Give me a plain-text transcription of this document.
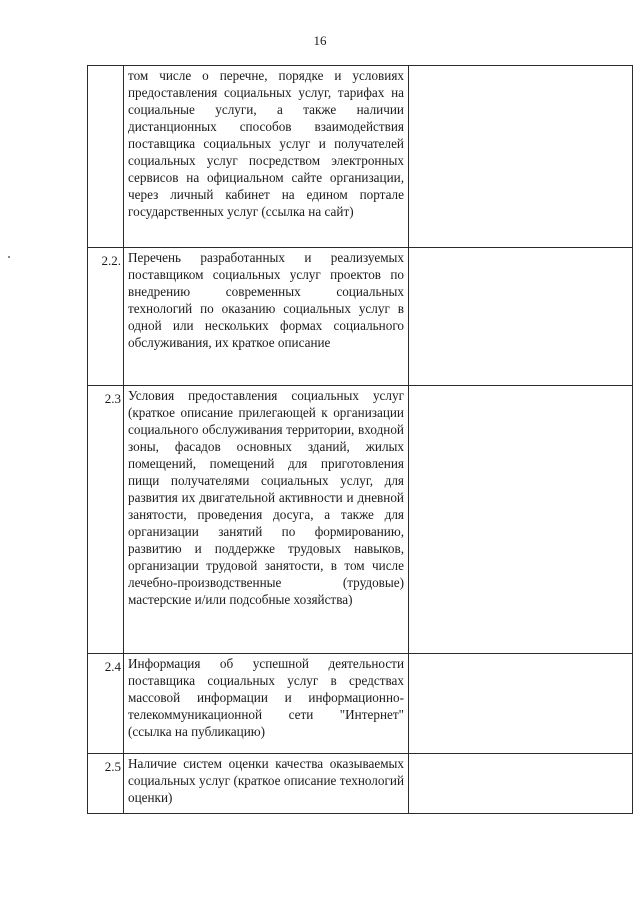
16

	том числе о перечне, порядке и условиях предоставления социальных услуг, тарифах на социальные услуги, а также наличии дистанционных способов взаимодействия поставщика социальных услуг и получателей социальных услуг посредством электронных сервисов на официальном сайте организации, через личный кабинет на едином портале государственных услуг (ссылка на сайт)	

2.2.	Перечень разработанных и реализуемых поставщиком социальных услуг проектов по внедрению современных социальных технологий по оказанию социальных услуг в одной или нескольких формах социального обслуживания, их краткое описание	

2.3	Условия предоставления социальных услуг (краткое описание прилегающей к организации социального обслуживания территории, входной зоны, фасадов основных зданий, жилых помещений, помещений для приготовления пищи получателями социальных услуг, для развития их двигательной активности и дневной занятости, проведения досуга, а также для организации занятий по формированию, развитию и поддержке трудовых навыков, организации трудовой занятости, в том числе лечебно-производственные (трудовые) мастерские и/или подсобные хозяйства)	

2.4	Информация об успешной деятельности поставщика социальных услуг в средствах массовой информации и информационно-телекоммуникационной сети "Интернет" (ссылка на публикацию)	

2.5	Наличие систем оценки качества оказываемых социальных услуг (краткое описание технологий оценки)	
